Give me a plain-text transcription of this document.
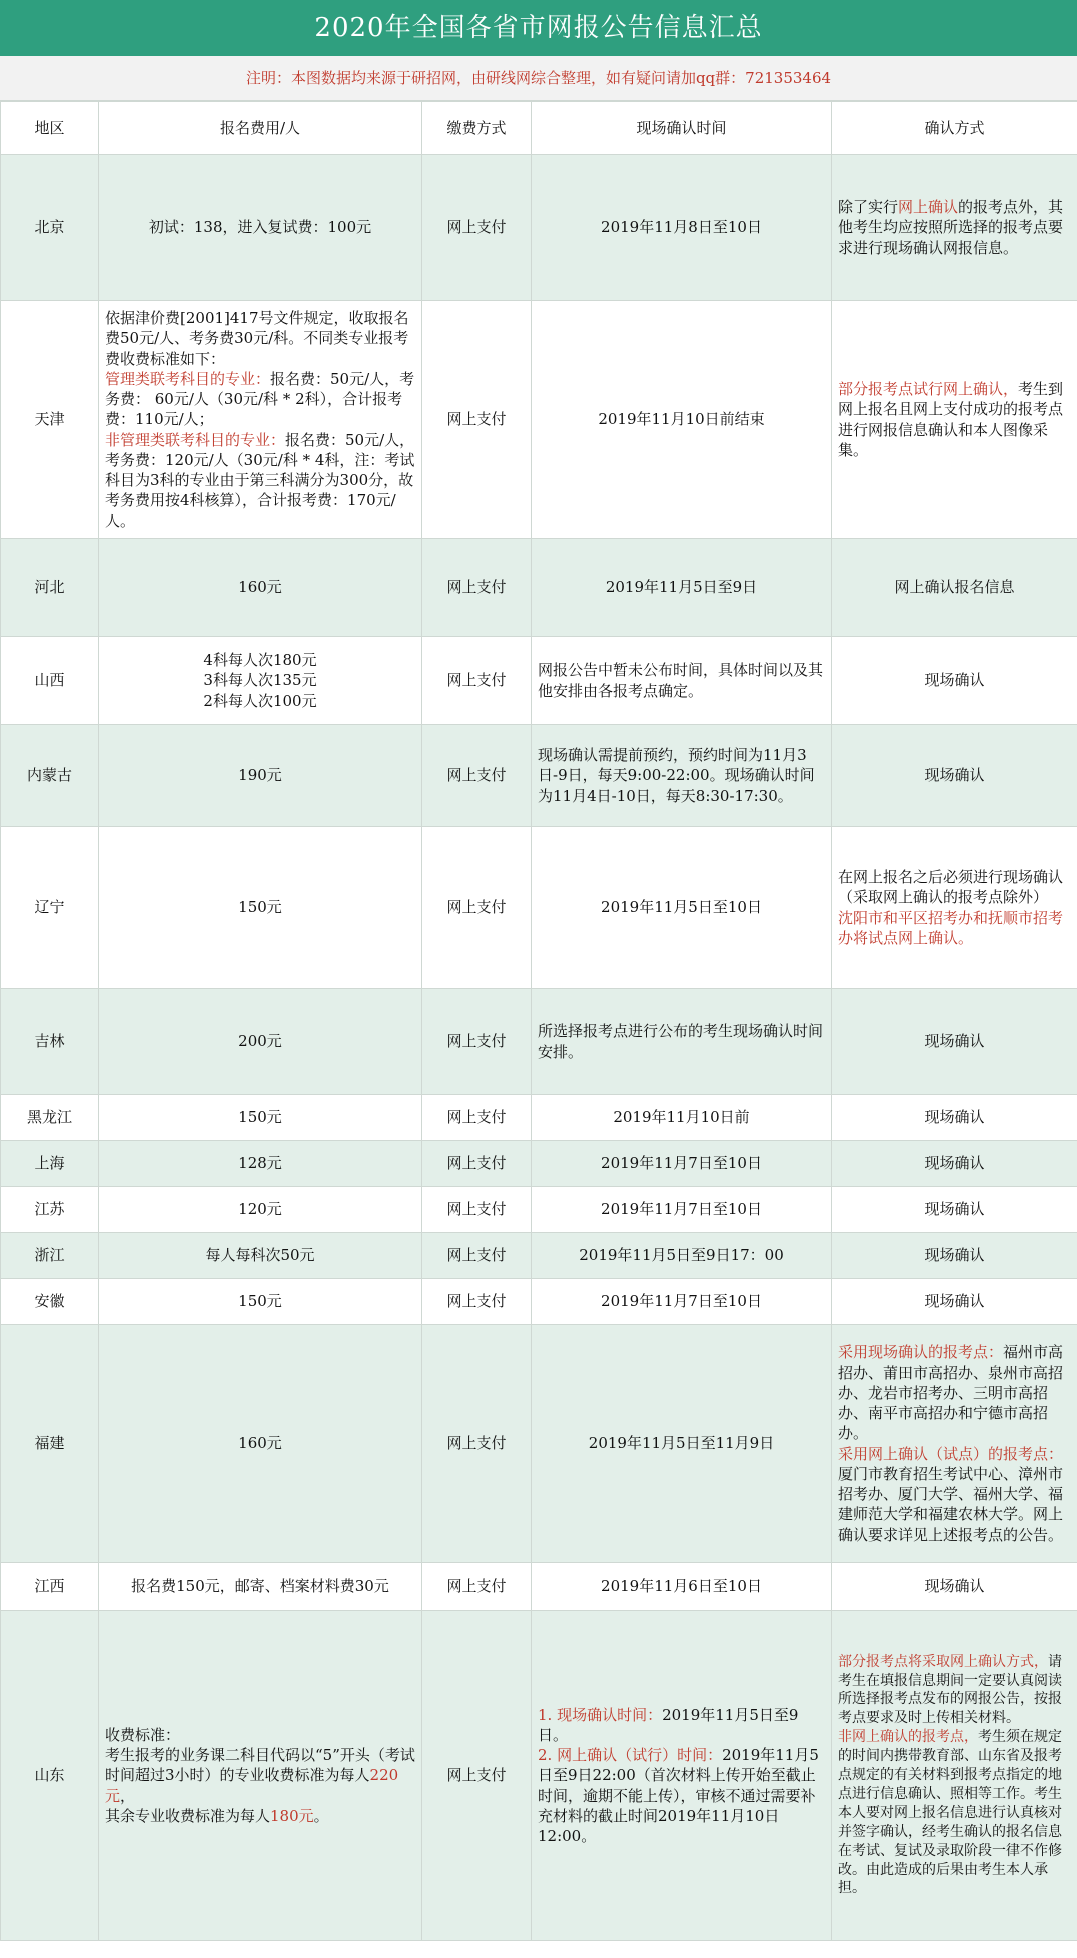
2020年全国各省市网报公告信息汇总
注明：本图数据均来源于研招网，由研线网综合整理，如有疑问请加qq群：721353464
地区	报名费用/人	缴费方式	现场确认时间	确认方式
北京	初试：138，进入复试费：100元	网上支付	2019年11月8日至10日	除了实行网上确认的报考点外，其他考生均应按照所选择的报考点要求进行现场确认网报信息。
天津	依据津价费[2001]417号文件规定，收取报名费50元/人、考务费30元/科。不同类专业报考费收费标准如下：
管理类联考科目的专业：报名费：50元/人，考务费： 60元/人（30元/科 * 2科），合计报考费：110元/人；
非管理类联考科目的专业：报名费：50元/人，考务费：120元/人（30元/科 * 4科，注：考试科目为3科的专业由于第三科满分为300分，故考务费用按4科核算），合计报考费：170元/人。	网上支付	2019年11月10日前结束	部分报考点试行网上确认，考生到网上报名且网上支付成功的报考点进行网报信息确认和本人图像采集。
河北	160元	网上支付	2019年11月5日至9日	网上确认报名信息
山西	4科每人次180元
3科每人次135元
2科每人次100元	网上支付	网报公告中暂未公布时间，具体时间以及其他安排由各报考点确定。	现场确认
内蒙古	190元	网上支付	现场确认需提前预约，预约时间为11月3日-9日，每天9:00-22:00。现场确认时间为11月4日-10日，每天8:30-17:30。	现场确认
辽宁	150元	网上支付	2019年11月5日至10日	在网上报名之后必须进行现场确认（采取网上确认的报考点除外）
沈阳市和平区招考办和抚顺市招考办将试点网上确认。
吉林	200元	网上支付	所选择报考点进行公布的考生现场确认时间安排。	现场确认
黑龙江	150元	网上支付	2019年11月10日前	现场确认
上海	128元	网上支付	2019年11月7日至10日	现场确认
江苏	120元	网上支付	2019年11月7日至10日	现场确认
浙江	每人每科次50元	网上支付	2019年11月5日至9日17：00	现场确认
安徽	150元	网上支付	2019年11月7日至10日	现场确认
福建	160元	网上支付	2019年11月5日至11月9日	采用现场确认的报考点：福州市高招办、莆田市高招办、泉州市高招办、龙岩市招考办、三明市高招办、南平市高招办和宁德市高招办。
采用网上确认（试点）的报考点：厦门市教育招生考试中心、漳州市招考办、厦门大学、福州大学、福建师范大学和福建农林大学。网上确认要求详见上述报考点的公告。
江西	报名费150元，邮寄、档案材料费30元	网上支付	2019年11月6日至10日	现场确认
山东	收费标准：
考生报考的业务课二科目代码以“5”开头（考试时间超过3小时）的专业收费标准为每人220元，
其余专业收费标准为每人180元。	网上支付	1. 现场确认时间：2019年11月5日至9日。
2. 网上确认（试行）时间：2019年11月5日至9日22:00（首次材料上传开始至截止时间，逾期不能上传），审核不通过需要补充材料的截止时间2019年11月10日12:00。	部分报考点将采取网上确认方式，请考生在填报信息期间一定要认真阅读所选择报考点发布的网报公告，按报考点要求及时上传相关材料。
非网上确认的报考点，考生须在规定的时间内携带教育部、山东省及报考点规定的有关材料到报考点指定的地点进行信息确认、照相等工作。考生本人要对网上报名信息进行认真核对并签字确认，经考生确认的报名信息在考试、复试及录取阶段一律不作修改。由此造成的后果由考生本人承担。
